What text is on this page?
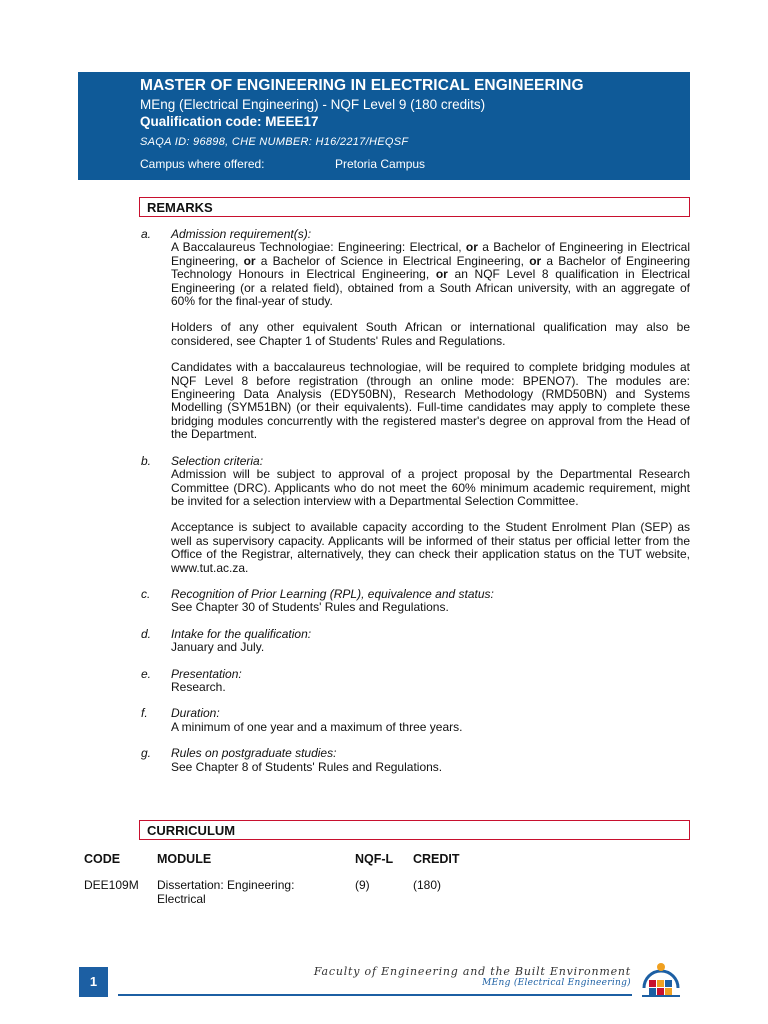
MASTER OF ENGINEERING IN ELECTRICAL ENGINEERING
MEng (Electrical Engineering) - NQF Level 9 (180 credits)
Qualification code: MEEE17
SAQA ID: 96898, CHE NUMBER: H16/2217/HEQSF
Campus where offered:	Pretoria Campus
REMARKS
a.	Admission requirement(s):
A Baccalaureus Technologiae: Engineering: Electrical, or a Bachelor of Engineering in Electrical Engineering, or a Bachelor of Science in Electrical Engineering, or a Bachelor of Engineering Technology Honours in Electrical Engineering, or an NQF Level 8 qualification in Electrical Engineering (or a related field), obtained from a South African university, with an aggregate of 60% for the final-year of study.
Holders of any other equivalent South African or international qualification may also be considered, see Chapter 1 of Students' Rules and Regulations.
Candidates with a baccalaureus technologiae, will be required to complete bridging modules at NQF Level 8 before registration (through an online mode: BPENO7). The modules are: Engineering Data Analysis (EDY50BN), Research Methodology (RMD50BN) and Systems Modelling (SYM51BN) (or their equivalents). Full-time candidates may apply to complete these bridging modules concurrently with the registered master's degree on approval from the Head of the Department.
b.	Selection criteria:
Admission will be subject to approval of a project proposal by the Departmental Research Committee (DRC). Applicants who do not meet the 60% minimum academic requirement, might be invited for a selection interview with a Departmental Selection Committee.
Acceptance is subject to available capacity according to the Student Enrolment Plan (SEP) as well as supervisory capacity. Applicants will be informed of their status per official letter from the Office of the Registrar, alternatively, they can check their application status on the TUT website, www.tut.ac.za.
c.	Recognition of Prior Learning (RPL), equivalence and status:
See Chapter 30 of Students' Rules and Regulations.
d.	Intake for the qualification:
January and July.
e.	Presentation:
Research.
f.	Duration:
A minimum of one year and a maximum of three years.
g.	Rules on postgraduate studies:
See Chapter 8 of Students' Rules and Regulations.
CURRICULUM
CODE	MODULE	NQF-L	CREDIT
DEE109M	Dissertation: Engineering: Electrical	(9)	(180)
1
Faculty of Engineering and the Built Environment
MEng (Electrical Engineering)
